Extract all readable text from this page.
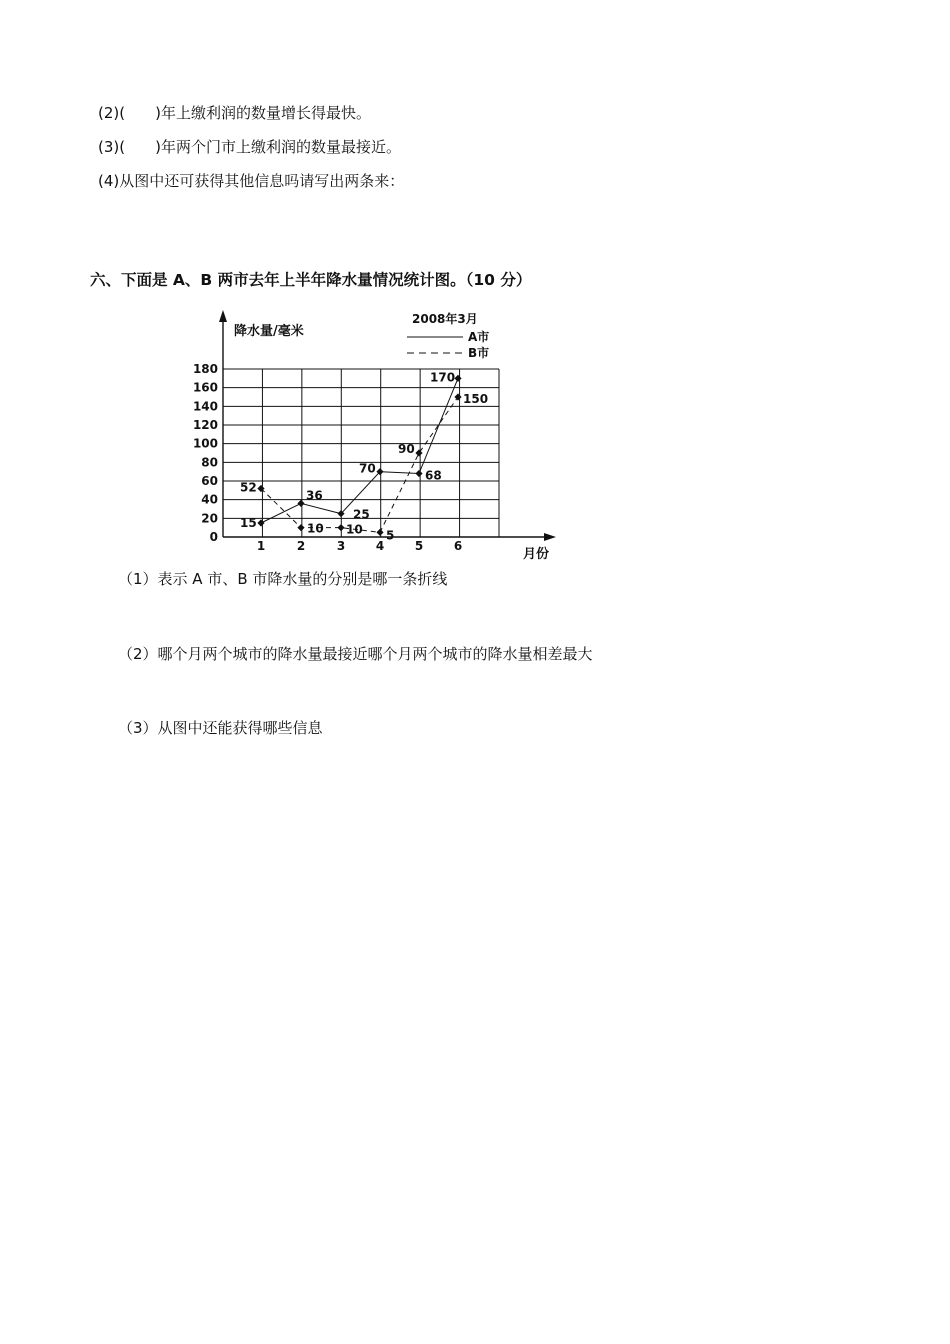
(2)(　　)年上缴利润的数量增长得最快。
(3)(　　)年两个门市上缴利润的数量最接近。
(4)从图中还可获得其他信息吗请写出两条来：
六、下面是 A、B 两市去年上半年降水量情况统计图。（10 分）
2008年3月
A市
B市
降水量/毫米
月份
0
20
40
60
80
100
120
140
160
180
1	2	3	4	5	6
15
36
25
70	68
170
52
10 10 5
90
150
（1）表示 A 市、B 市降水量的分别是哪一条折线
（2）哪个月两个城市的降水量最接近哪个月两个城市的降水量相差最大
（3）从图中还能获得哪些信息
